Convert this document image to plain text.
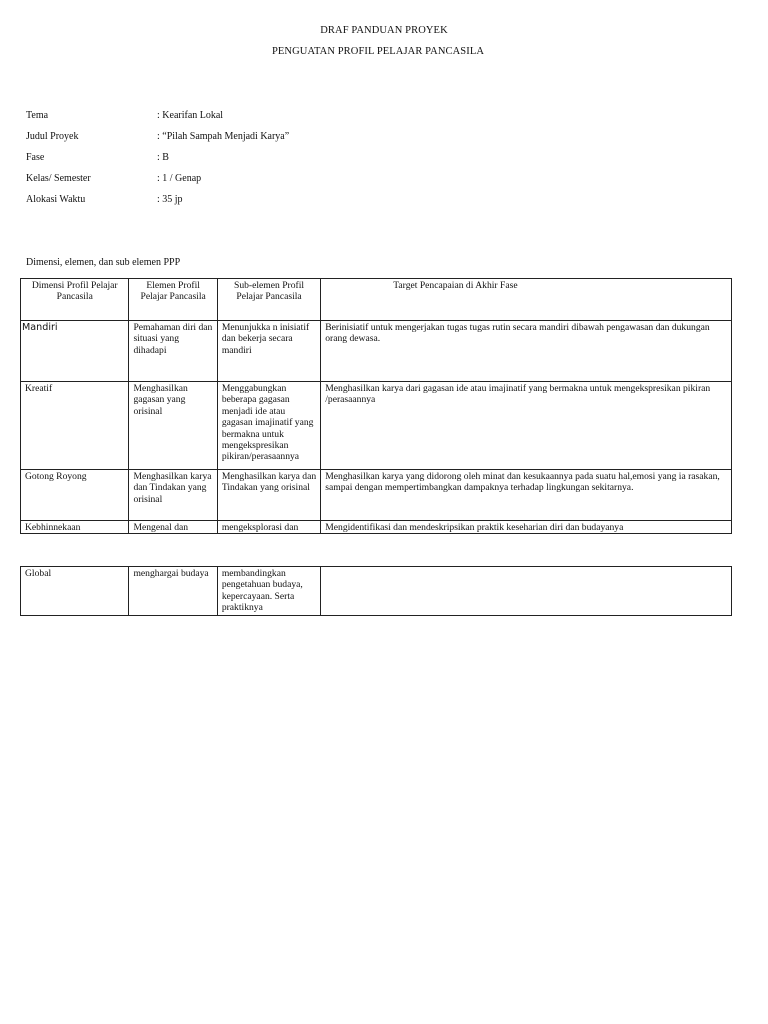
DRAF PANDUAN PROYEK
PENGUATAN PROFIL PELAJAR PANCASILA
Tema	: Kearifan Lokal
Judul Proyek	: “Pilah Sampah Menjadi Karya”
Fase	: B
Kelas/ Semester	: 1 / Genap
Alokasi Waktu	: 35 jp
Dimensi, elemen, dan sub elemen PPP
Dimensi Profil Pelajar Pancasila	Elemen Profil Pelajar Pancasila	Sub-elemen Profil Pelajar Pancasila	Target Pencapaian di Akhir Fase
Mandiri	Pemahaman diri dan situasi yang dihadapi	Menunjukka n inisiatif dan bekerja secara mandiri	Berinisiatif untuk mengerjakan tugas tugas rutin secara mandiri dibawah pengawasan dan dukungan orang dewasa.
Kreatif	Menghasilkan gagasan yang orisinal	Menggabungkan beberapa gagasan menjadi ide atau gagasan imajinatif yang bermakna untuk mengekspresikan pikiran/perasaannya	Menghasilkan karya dari gagasan ide atau imajinatif yang bermakna untuk mengekspresikan pikiran /perasaannya
Gotong Royong	Menghasilkan karya dan Tindakan yang orisinal	Menghasilkan karya dan Tindakan yang orisinal	Menghasilkan karya yang didorong oleh minat dan kesukaannya pada suatu hal,emosi yang ia rasakan, sampai dengan mempertimbangkan dampaknya terhadap lingkungan sekitarnya.
Kebhinnekaan	Mengenal dan	mengeksplorasi dan	Mengidentifikasi dan mendeskripsikan praktik keseharian diri dan budayanya
Global	menghargai budaya	membandingkan pengetahuan budaya, kepercayaan. Serta praktiknya	
